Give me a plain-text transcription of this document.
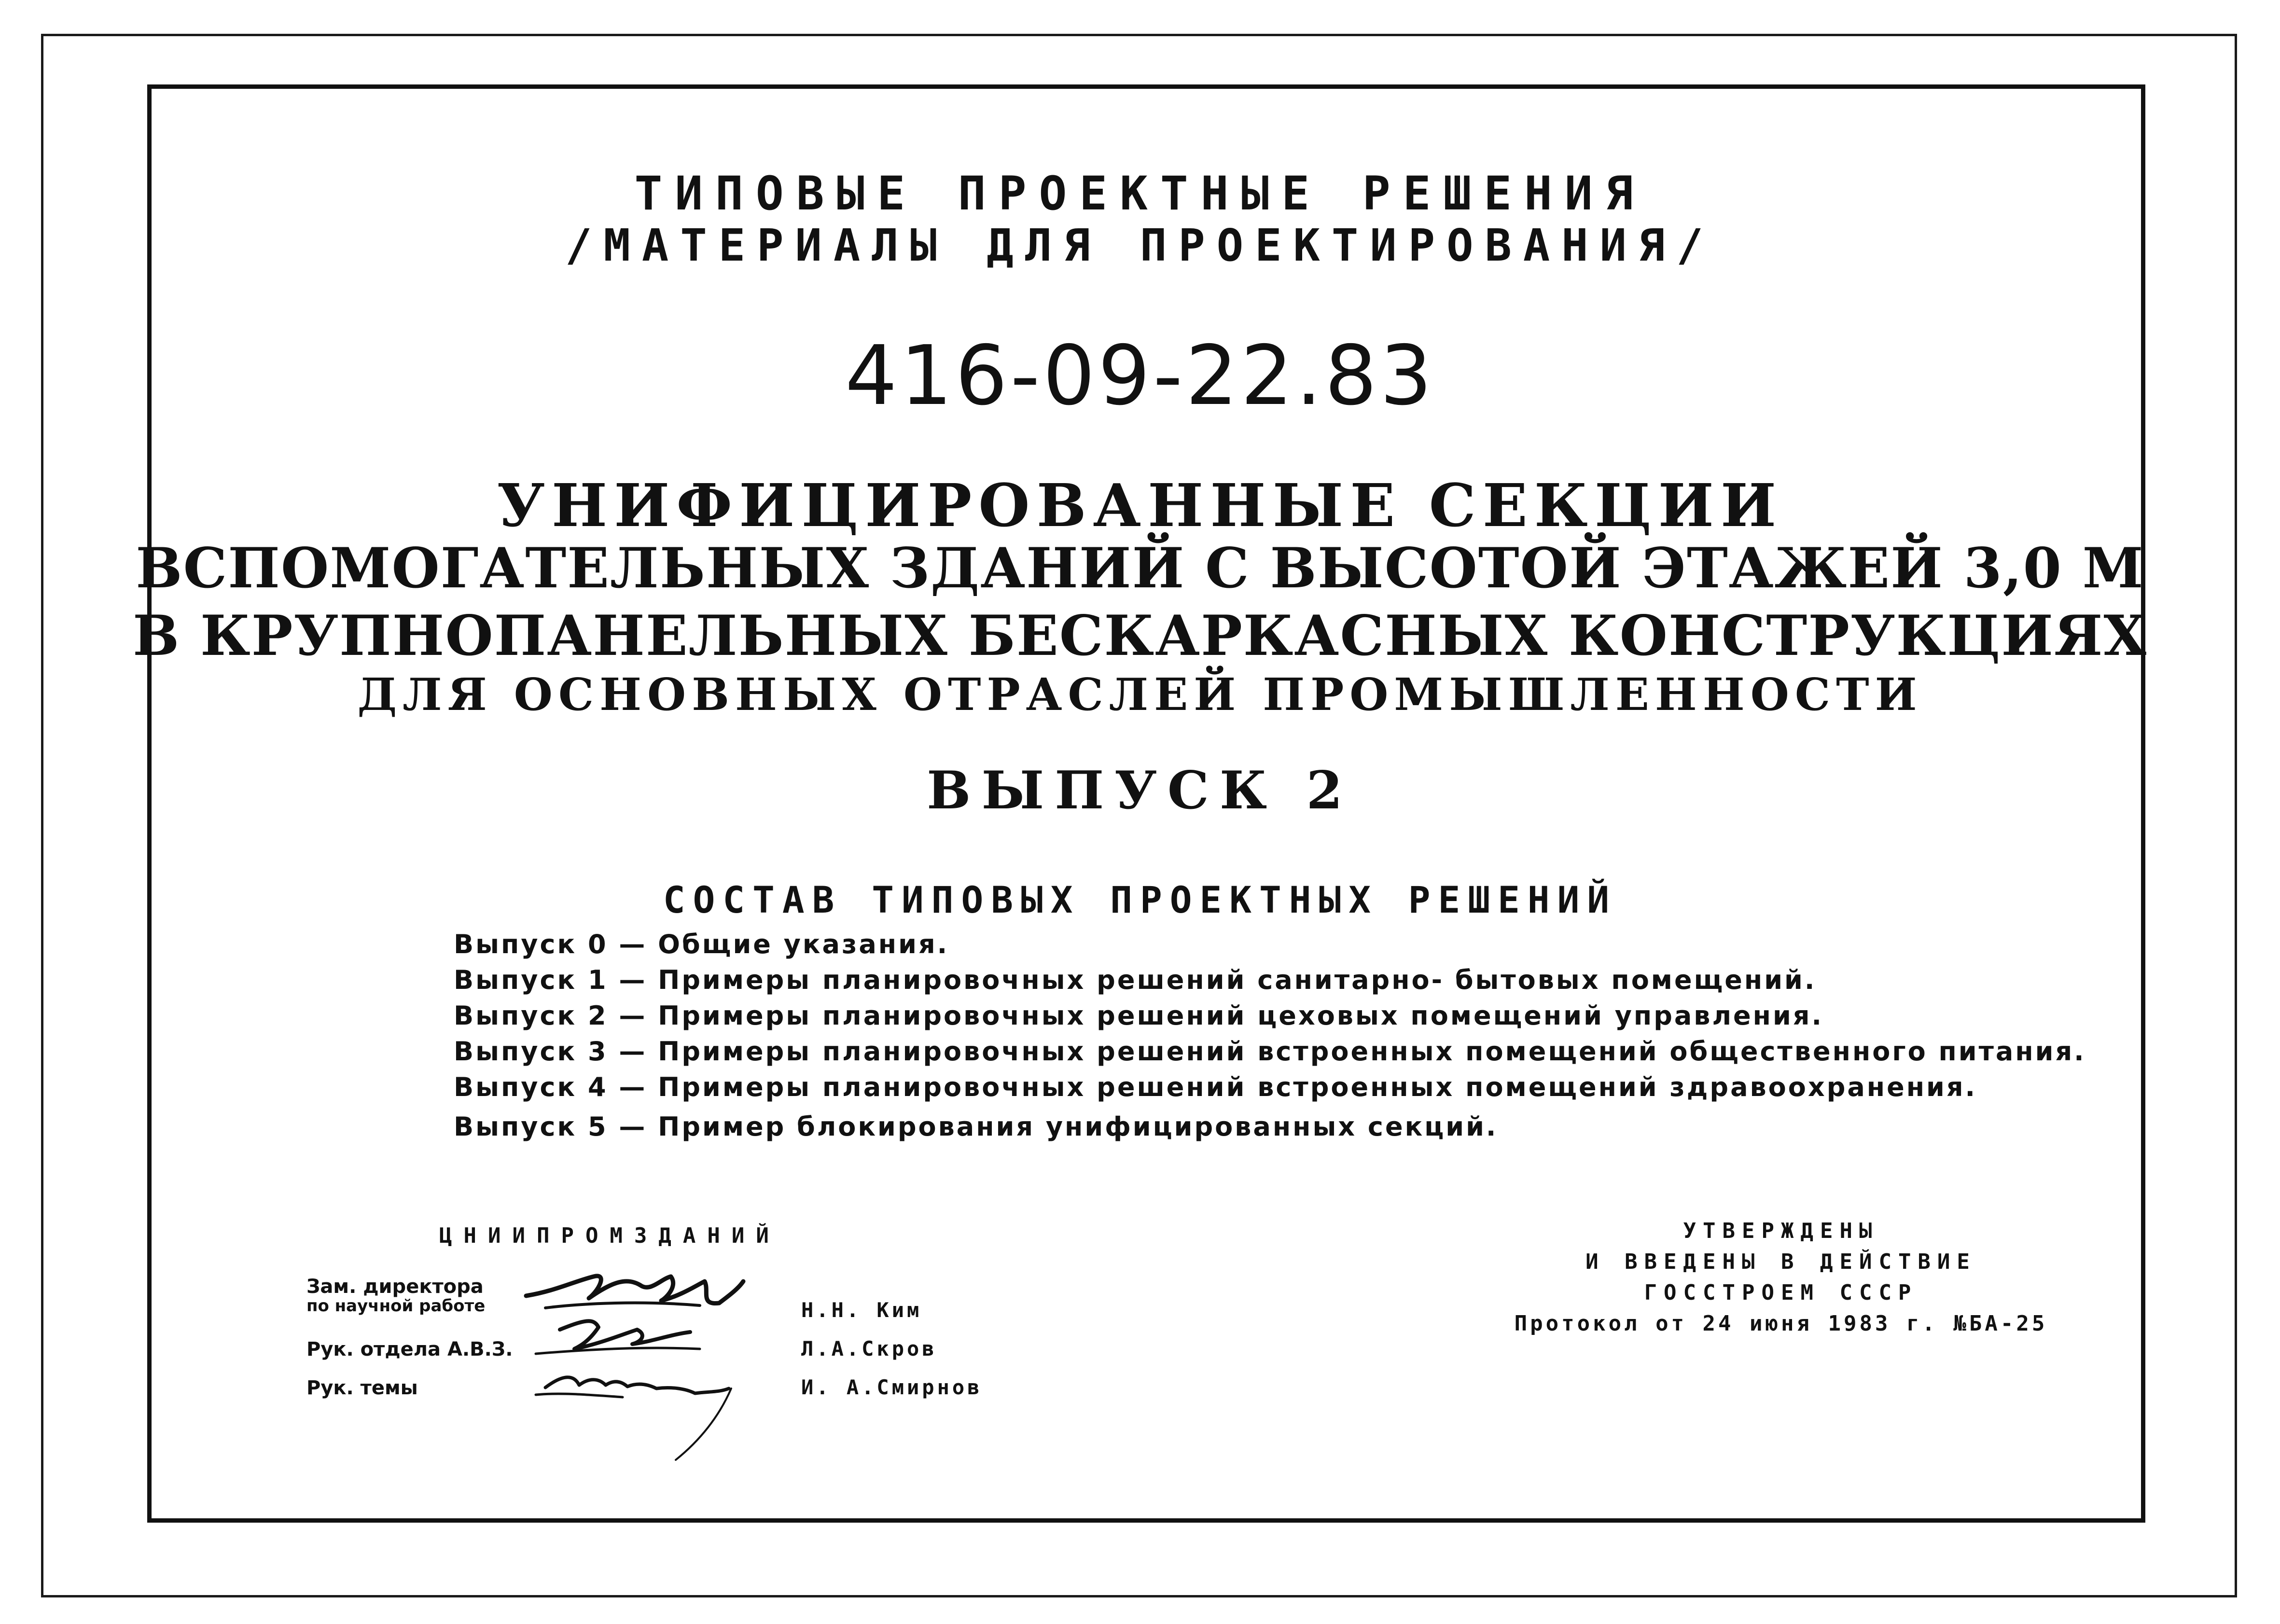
ТИПОВЫЕ ПРОЕКТНЫЕ РЕШЕНИЯ
/МАТЕРИАЛЫ ДЛЯ ПРОЕКТИРОВАНИЯ/
416-09-22.83
УНИФИЦИРОВАННЫЕ СЕКЦИИ
ВСПОМОГАТЕЛЬНЫХ ЗДАНИЙ С ВЫСОТОЙ ЭТАЖЕЙ 3,0 М
В КРУПНОПАНЕЛЬНЫХ БЕСКАРКАСНЫХ КОНСТРУКЦИЯХ
ДЛЯ ОСНОВНЫХ ОТРАСЛЕЙ ПРОМЫШЛЕННОСТИ
ВЫПУСК 2
СОСТАВ ТИПОВЫХ ПРОЕКТНЫХ РЕШЕНИЙ
Выпуск 0 — Общие указания.
Выпуск 1 — Примеры планировочных решений санитарно- бытовых помещений.
Выпуск 2 — Примеры планировочных решений цеховых помещений управления.
Выпуск 3 — Примеры планировочных решений встроенных помещений общественного питания.
Выпуск 4 — Примеры планировочных решений встроенных помещений здравоохранения.
Выпуск 5 — Пример блокирования унифицированных секций.
ЦНИИПРОМЗДАНИЙ
Зам. директора
по научной работе
Рук. отдела А.В.З.
Рук. темы
Н.Н. Ким
Л.А.Скров
И. А.Смирнов
УТВЕРЖДЕНЫ
И ВВЕДЕНЫ В ДЕЙСТВИЕ
ГОССТРОЕМ СССР
Протокол от 24 июня 1983 г. №БА-25
